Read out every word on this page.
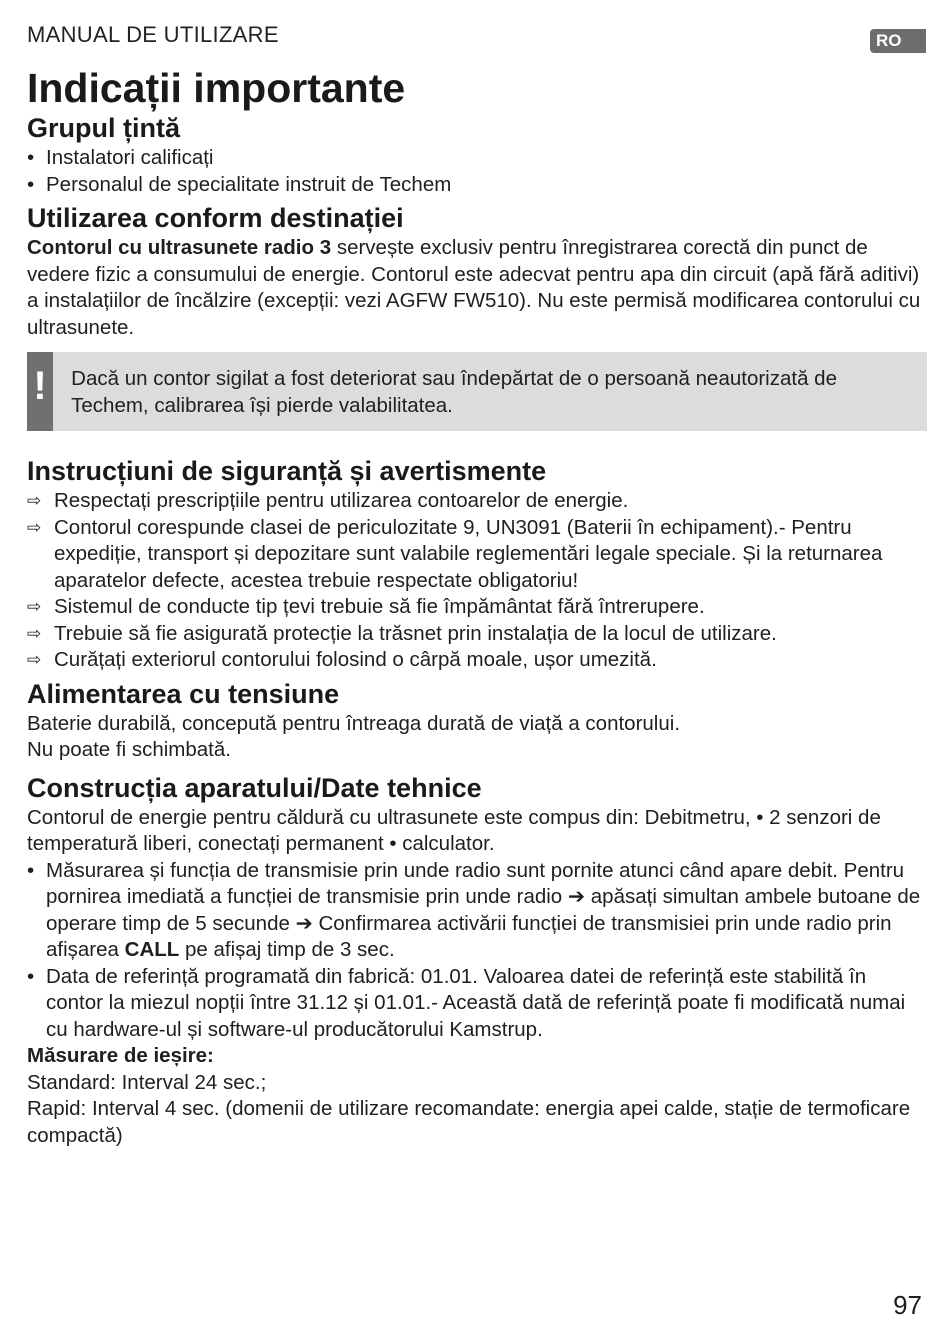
MANUAL DE UTILIZARE	RO
Indicații importante
Grupul țintă
• Instalatori calificați
• Personalul de specialitate instruit de Techem
Utilizarea conform destinației

Contorul cu ultrasunete radio 3 servește exclusiv pentru înregistrarea corectă din punct de vedere fizic a consumului de energie. Contorul este adecvat pentru apa din circuit (apă fără aditivi) a instalațiilor de încălzire (excepții: vezi AGFW FW510). Nu este permisă modificarea contorului cu ultrasunete.

!	Dacă un contor sigilat a fost deteriorat sau îndepărtat de o persoană neautorizată de Techem, calibrarea își pierde valabilitatea.

Instrucțiuni de siguranță și avertismente
⇨ Respectați prescripțiile pentru utilizarea contoarelor de energie.
⇨ Contorul corespunde clasei de periculozitate 9, UN3091 (Baterii în echipament).- Pentru expediție, transport și depozitare sunt valabile reglementări legale speciale. Și la returnarea aparatelor defecte, acestea trebuie respectate obligatoriu!
⇨ Sistemul de conducte tip țevi trebuie să fie împământat fără întrerupere.
⇨ Trebuie să fie asigurată protecție la trăsnet prin instalația de la locul de utilizare.
⇨ Curățați exteriorul contorului folosind o cârpă moale, ușor umezită.
Alimentarea cu tensiune

Baterie durabilă, concepută pentru întreaga durată de viață a contorului.

Nu poate fi schimbată.

Construcția aparatului/Date tehnice

Contorul de energie pentru căldură cu ultrasunete este compus din: Debitmetru, • 2 senzori de temperatură liberi, conectați permanent • calculator.

• Măsurarea și funcția de transmisie prin unde radio sunt pornite atunci când apare debit. Pentru pornirea imediată a funcției de transmisie prin unde radio ➔ apăsați simultan ambele butoane de operare timp de 5 secunde ➔ Confirmarea activării funcției de transmisiei prin unde radio prin afișarea CALL pe afișaj timp de 3 sec.
• Data de referință programată din fabrică: 01.01. Valoarea datei de referință este stabilită în contor la miezul nopții între 31.12 și 01.01.- Această dată de referință poate fi modificată numai cu hardware-ul și software-ul producătorului Kamstrup.

Măsurare de ieșire:

Standard: Interval 24 sec.;

Rapid: Interval 4 sec. (domenii de utilizare recomandate: energia apei calde, stație de termoficare compactă)

97
